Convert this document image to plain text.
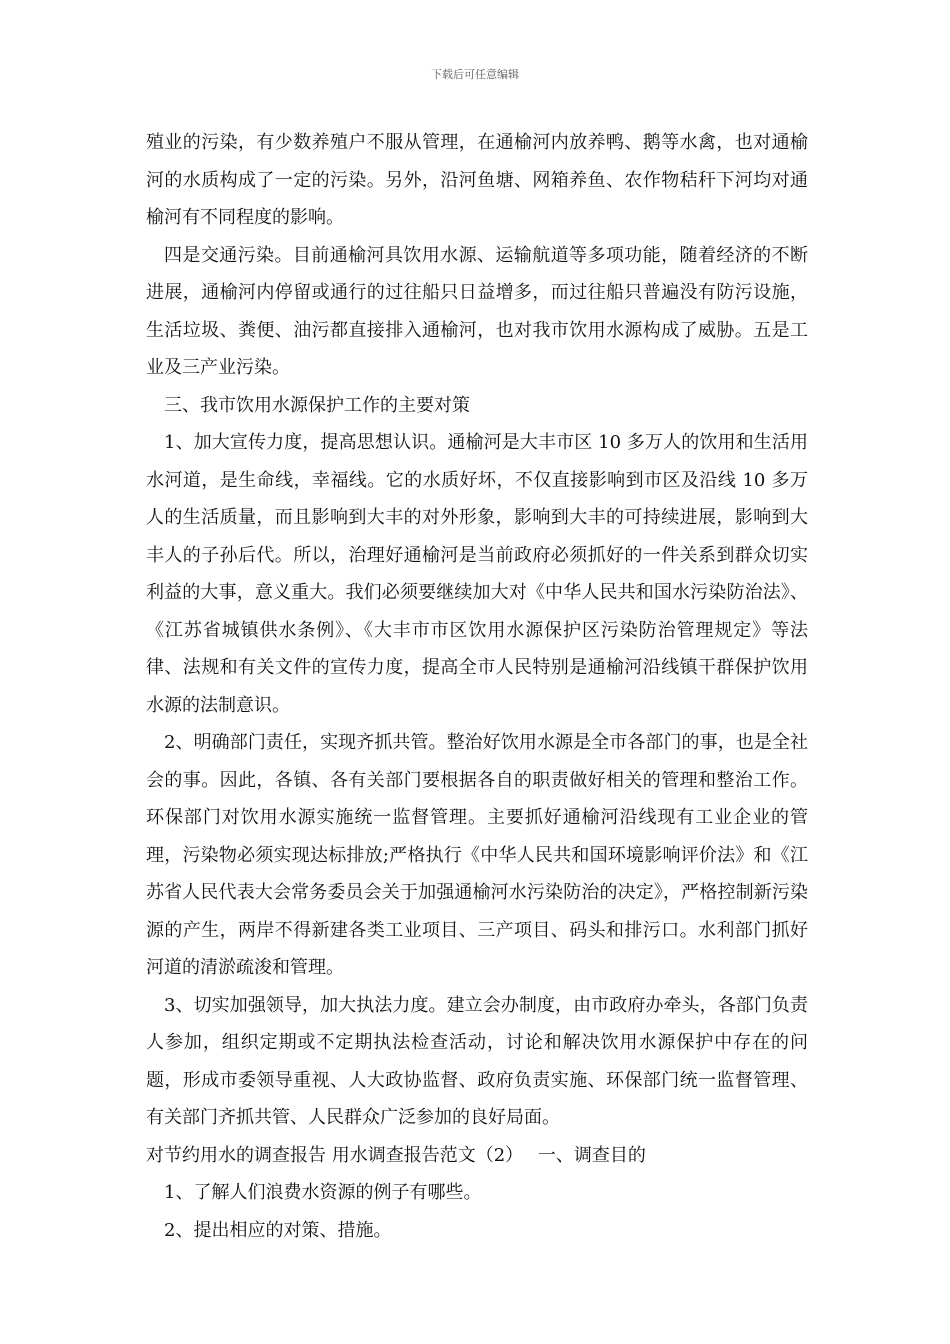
下载后可任意编辑

殖业的污染，有少数养殖户不服从管理，在通榆河内放养鸭、鹅等水禽，也对通榆河的水质构成了一定的污染。另外，沿河鱼塘、网箱养鱼、农作物秸秆下河均对通榆河有不同程度的影响。

四是交通污染。目前通榆河具饮用水源、运输航道等多项功能，随着经济的不断进展，通榆河内停留或通行的过往船只日益增多，而过往船只普遍没有防污设施，生活垃圾、粪便、油污都直接排入通榆河，也对我市饮用水源构成了威胁。五是工业及三产业污染。

三、我市饮用水源保护工作的主要对策

1、加大宣传力度，提高思想认识。通榆河是大丰市区 10 多万人的饮用和生活用水河道，是生命线，幸福线。它的水质好坏，不仅直接影响到市区及沿线 10 多万人的生活质量，而且影响到大丰的对外形象，影响到大丰的可持续进展，影响到大丰人的子孙后代。所以，治理好通榆河是当前政府必须抓好的一件关系到群众切实利益的大事，意义重大。我们必须要继续加大对《中华人民共和国水污染防治法》、《江苏省城镇供水条例》、《大丰市市区饮用水源保护区污染防治管理规定》等法律、法规和有关文件的宣传力度，提高全市人民特别是通榆河沿线镇干群保护饮用水源的法制意识。

2、明确部门责任，实现齐抓共管。整治好饮用水源是全市各部门的事，也是全社会的事。因此，各镇、各有关部门要根据各自的职责做好相关的管理和整治工作。环保部门对饮用水源实施统一监督管理。主要抓好通榆河沿线现有工业企业的管理，污染物必须实现达标排放;严格执行《中华人民共和国环境影响评价法》和《江苏省人民代表大会常务委员会关于加强通榆河水污染防治的决定》，严格控制新污染源的产生，两岸不得新建各类工业项目、三产项目、码头和排污口。水利部门抓好河道的清淤疏浚和管理。

3、切实加强领导，加大执法力度。建立会办制度，由市政府办牵头，各部门负责人参加，组织定期或不定期执法检查活动，讨论和解决饮用水源保护中存在的问题，形成市委领导重视、人大政协监督、政府负责实施、环保部门统一监督管理、有关部门齐抓共管、人民群众广泛参加的良好局面。

对节约用水的调查报告 用水调查报告范文（2）　 一、调查目的

1、了解人们浪费水资源的例子有哪些。

2、提出相应的对策、措施。
